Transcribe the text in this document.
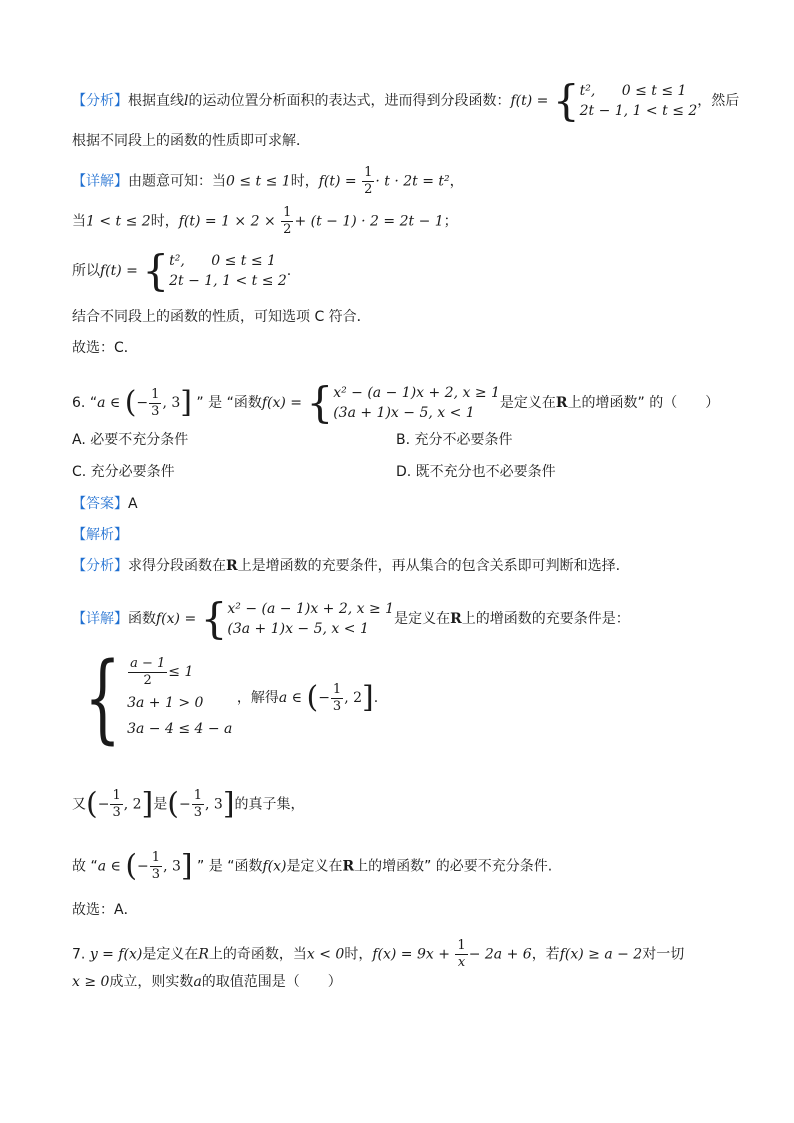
【分析】根据直线l的运动位置分析面积的表达式，进而得到分段函数：f(t) = { t², 0 ≤ t ≤ 1
2t − 1, 1 < t ≤ 2
，然后
根据不同段上的函数的性质即可求解．
【详解】由题意可知：当0 ≤ t ≤ 1时，$f(t) = \frac{1}{2} \cdot t \cdot 2t = t^2$，
当1 < t ≤ 2时，$f(t) = 1 \times 2 \times \frac{1}{2} + (t - 1) \cdot 2 = 2t - 1$；
所以f(t) = { t², 0 ≤ t ≤ 1
2t − 1, 1 < t ≤ 2
.
结合不同段上的函数的性质，可知选项 C 符合．
故选：C．
6. “a ∈ (− $\frac{1}{3}$ , 3] ” 是 “函数f(x) = { x² − (a − 1)x + 2, x ≥ 1
(3a + 1)x − 5, x < 1
是定义在R上的增函数” 的（　　）
A. 必要不充分条件	B. 充分不必要条件
C. 充分必要条件	D. 既不充分也不必要条件
【答案】A
【解析】
【分析】求得分段函数在R上是增函数的充要条件，再从集合的包含关系即可判断和选择.
【详解】函数f(x) = { x² − (a − 1)x + 2, x ≥ 1
(3a + 1)x − 5, x < 1
是定义在R上的增函数的充要条件是：
{ $\frac{a - 1}{2} \le 1$
3a + 1 > 0
3a − 4 ≤ 4 − a
，解得a ∈ (− $\frac{1}{3}$ , 2].
又(− $\frac{1}{3}$ , 2]是(− $\frac{1}{3}$ , 3]的真子集，
故 “a ∈ (− $\frac{1}{3}$ , 3] ” 是 “函数f(x)是定义在R上的增函数” 的必要不充分条件.
故选：A．
7. y = f(x)是定义在R上的奇函数，当x < 0时，$f(x) = 9x + \frac{1}{x} - 2a + 6$，若f(x) ≥ a − 2对一切
x ≥ 0成立，则实数a的取值范围是（　　）
